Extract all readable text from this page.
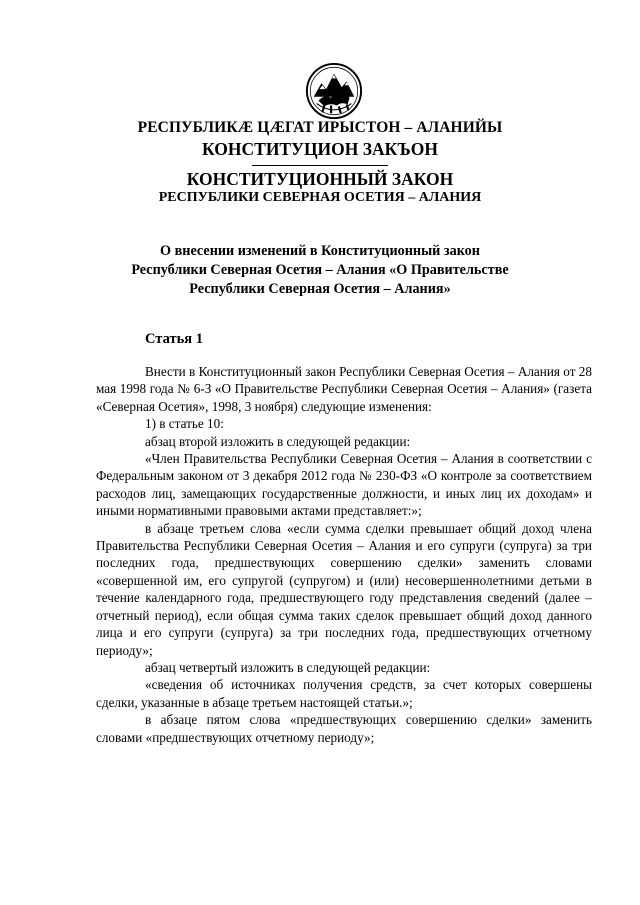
РЕСПУБЛИКӔ ЦӔГАТ ИРЫСТОН – АЛАНИЙЫ
КОНСТИТУЦИОН ЗАКЪОН
КОНСТИТУЦИОННЫЙ ЗАКОН
РЕСПУБЛИКИ СЕВЕРНАЯ ОСЕТИЯ – АЛАНИЯ
О внесении изменений в Конституционный закон
Республики Северная Осетия – Алания «О Правительстве
Республики Северная Осетия – Алания»
Статья 1

Внести в Конституционный закон Республики Северная Осетия – Алания от 28 мая 1998 года № 6-З «О Правительстве Республики Северная Осетия – Алания» (газета «Северная Осетия», 1998, 3 ноября) следующие изменения:

1) в статье 10:

абзац второй изложить в следующей редакции:

«Член Правительства Республики Северная Осетия – Алания в соответствии с Федеральным законом от 3 декабря 2012 года № 230-ФЗ «О контроле за соответствием расходов лиц, замещающих государственные должности, и иных лиц их доходам» и иными нормативными правовыми актами представляет:»;

в абзаце третьем слова «если сумма сделки превышает общий доход члена Правительства Республики Северная Осетия – Алания и его супруги (супруга) за три последних года, предшествующих совершению сделки» заменить словами «совершенной им, его супругой (супругом) и (или) несовершеннолетними детьми в течение календарного года, предшествующего году представления сведений (далее – отчетный период), если общая сумма таких сделок превышает общий доход данного лица и его супруги (супруга) за три последних года, предшествующих отчетному периоду»;

абзац четвертый изложить в следующей редакции:

«сведения об источниках получения средств, за счет которых совершены сделки, указанные в абзаце третьем настоящей статьи.»;

в абзаце пятом слова «предшествующих совершению сделки» заменить словами «предшествующих отчетному периоду»;
